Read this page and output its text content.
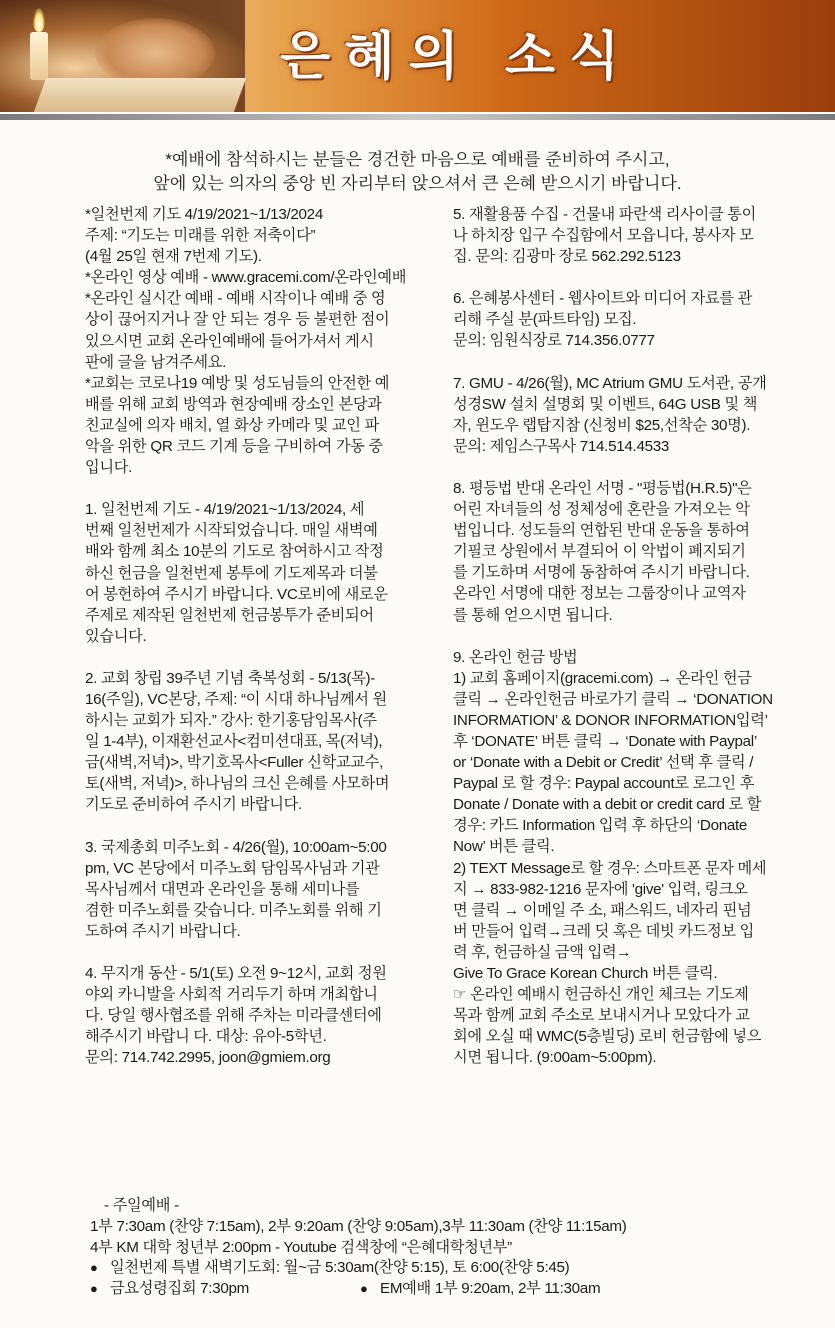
은혜의 소식
*예배에 참석하시는 분들은 경건한 마음으로 예배를 준비하여 주시고,
앞에 있는 의자의 중앙 빈 자리부터 앉으셔서 큰 은혜 받으시기 바랍니다.
*일천번제 기도 4/19/2021~1/13/2024
주제: “기도는 미래를 위한 저축이다”
(4월 25일 현재 7번제 기도).
*온라인 영상 예배 - www.gracemi.com/온라인예배
*온라인 실시간 예배 - 예배 시작이나 예배 중 영
상이 끊어지거나 잘 안 되는 경우 등 불편한 점이
있으시면 교회 온라인예배에 들어가셔서 게시
판에 글을 남겨주세요.
*교회는 코로나19 예방 및 성도님들의 안전한 예
배를 위해 교회 방역과 현장예배 장소인 본당과
친교실에 의자 배치, 열 화상 카메라 및 교인 파
악을 위한 QR 코드 기계 등을 구비하여 가동 중
입니다.
1. 일천번제 기도 - 4/19/2021~1/13/2024, 세
번째 일천번제가 시작되었습니다. 매일 새벽예
배와 함께 최소 10분의 기도로 참여하시고 작정
하신 헌금을 일천번제 봉투에 기도제목과 더불
어 봉헌하여 주시기 바랍니다. VC로비에 새로운
주제로 제작된 일천번제 헌금봉투가 준비되어
있습니다.
2. 교회 창립 39주년 기념 축복성회 - 5/13(목)-
16(주일), VC본당, 주제: “이 시대 하나님께서 원
하시는 교회가 되자.” 강사: 한기홍담임목사(주
일 1-4부), 이재환선교사<컴미션대표, 목(저녁),
금(새벽,저녁)>, 박기호목사<Fuller 신학교교수,
토(새벽, 저녁)>, 하나님의 크신 은혜를 사모하며
기도로 준비하여 주시기 바랍니다.
3. 국제총회 미주노회 - 4/26(월), 10:00am~5:00
pm, VC 본당에서 미주노회 담임목사님과 기관
목사님께서 대면과 온라인을 통해 세미나를
겸한 미주노회를 갖습니다. 미주노회를 위해 기
도하여 주시기 바랍니다.
4. 무지개 동산 - 5/1(토) 오전 9~12시, 교회 정원
야외 카니발을 사회적 거리두기 하며 개최합니
다. 당일 행사협조를 위해 주차는 미라클센터에
해주시기 바랍니 다. 대상: 유아-5학년.
문의: 714.742.2995, joon@gmiem.org
5. 재활용품 수집 - 건물내 파란색 리사이클 통이
나 하치장 입구 수집함에서 모읍니다, 봉사자 모
집. 문의: 김광마 장로 562.292.5123
6. 은혜봉사센터 - 웹사이트와 미디어 자료를 관
리해 주실 분(파트타임) 모집.
문의: 임원식장로 714.356.0777
7. GMU - 4/26(월), MC Atrium GMU 도서관, 공개
성경SW 설치 설명회 및 이벤트, 64G USB 및 책
자, 윈도우 랩탑지참 (신청비 $25,선착순 30명).
문의: 제임스구목사 714.514.4533
8. 평등법 반대 온라인 서명 - "평등법(H.R.5)"은
어린 자녀들의 성 정체성에 혼란을 가져오는 악
법입니다. 성도들의 연합된 반대 운동을 통하여
기필코 상원에서 부결되어 이 악법이 폐지되기
를 기도하며 서명에 동참하여 주시기 바랍니다.
온라인 서명에 대한 정보는 그룹장이나 교역자
를 통해 얻으시면 됩니다.
9. 온라인 헌금 방법
1) 교회 홈페이지(gracemi.com) → 온라인 헌금
클릭 → 온라인헌금 바로가기 클릭 → ‘DONATION
INFORMATION’ & DONOR INFORMATION입력’
후 ‘DONATE’ 버튼 클릭 → ‘Donate with Paypal’
or ‘Donate with a Debit or Credit’ 선택 후 클릭 /
Paypal 로 할 경우: Paypal account로 로그인 후
Donate / Donate with a debit or credit card 로 할
경우: 카드 Information 입력 후 하단의 ‘Donate
Now’ 버튼 클릭.
2) TEXT Message로 할 경우: 스마트폰 문자 메세
지 → 833-982-1216 문자에 'give' 입력, 링크오
면 클릭 → 이메일 주 소, 패스워드, 네자리 핀넘
버 만들어 입력→크레 딧 혹은 데빗 카드정보 입
력 후, 헌금하실 금액 입력→
Give To Grace Korean Church 버튼 클릭.
☞ 온라인 예배시 헌금하신 개인 체크는 기도제
목과 함께 교회 주소로 보내시거나 모았다가 교
회에 오실 때 WMC(5층빌딩) 로비 헌금함에 넣으
시면 됩니다. (9:00am~5:00pm).
- 주일예배 -
1부 7:30am (찬양 7:15am), 2부 9:20am (찬양 9:05am),3부 11:30am (찬양 11:15am)
4부 KM 대학 청년부 2:00pm - Youtube 검색창에 “은혜대학청년부”
● 일천번제 특별 새벽기도회: 월~금 5:30am(찬양 5:15), 토 6:00(찬양 5:45)
● 금요성령집회 7:30pm	● EM예배 1부 9:20am, 2부 11:30am
